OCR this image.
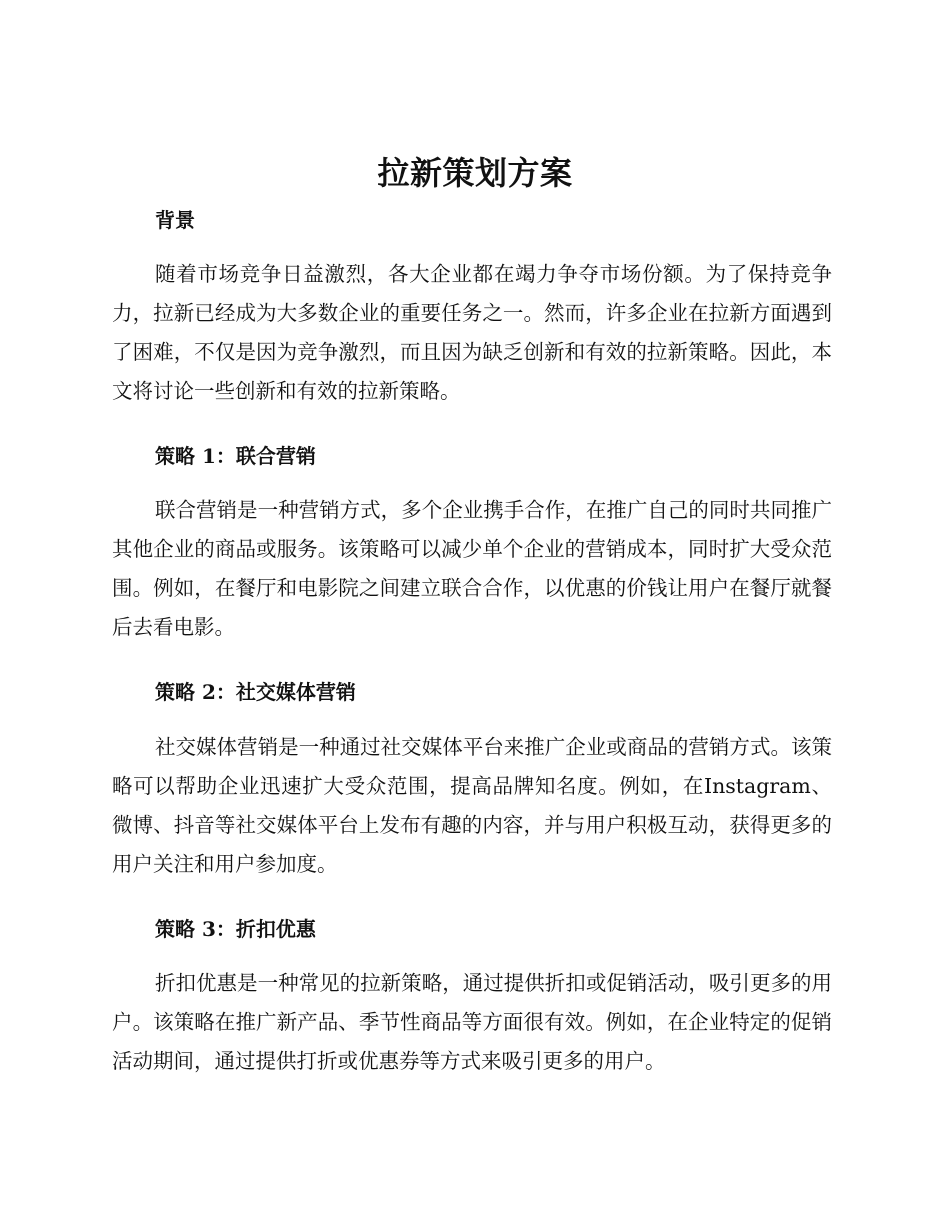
拉新策划方案
背景

随着市场竞争日益激烈，各大企业都在竭力争夺市场份额。为了保持竞争力，拉新已经成为大多数企业的重要任务之一。然而，许多企业在拉新方面遇到了困难，不仅是因为竞争激烈，而且因为缺乏创新和有效的拉新策略。因此，本文将讨论一些创新和有效的拉新策略。

策略 1：联合营销

联合营销是一种营销方式，多个企业携手合作，在推广自己的同时共同推广其他企业的商品或服务。该策略可以减少单个企业的营销成本，同时扩大受众范围。例如，在餐厅和电影院之间建立联合合作，以优惠的价钱让用户在餐厅就餐后去看电影。

策略 2：社交媒体营销

社交媒体营销是一种通过社交媒体平台来推广企业或商品的营销方式。该策略可以帮助企业迅速扩大受众范围，提高品牌知名度。例如，在Instagram、微博、抖音等社交媒体平台上发布有趣的内容，并与用户积极互动，获得更多的用户关注和用户参加度。

策略 3：折扣优惠

折扣优惠是一种常见的拉新策略，通过提供折扣或促销活动，吸引更多的用户。该策略在推广新产品、季节性商品等方面很有效。例如，在企业特定的促销活动期间，通过提供打折或优惠券等方式来吸引更多的用户。
